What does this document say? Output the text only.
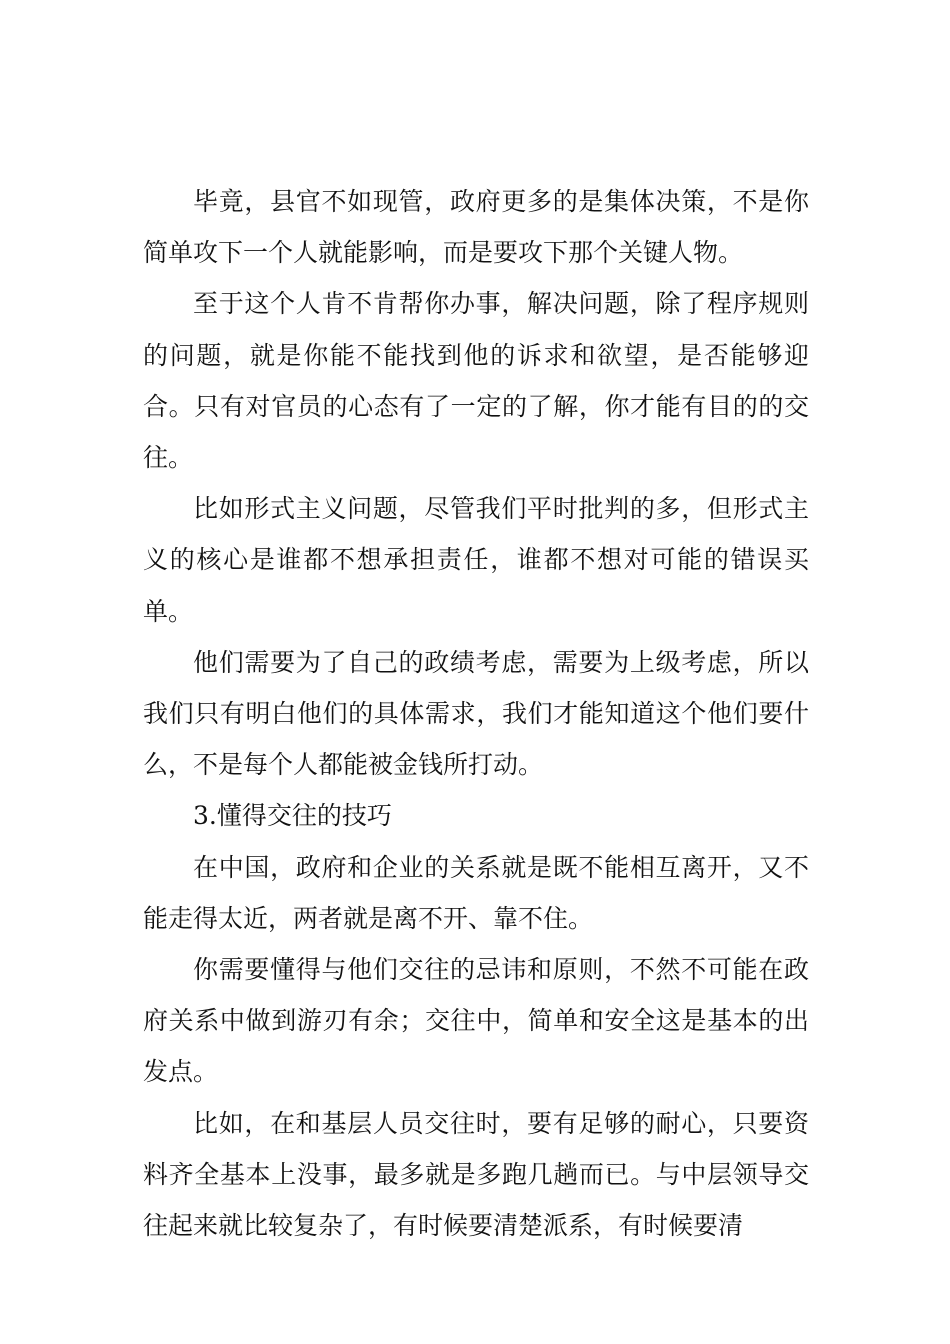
毕竟，县官不如现管，政府更多的是集体决策，不是你简单攻下一个人就能影响，而是要攻下那个关键人物。

至于这个人肯不肯帮你办事，解决问题，除了程序规则的问题，就是你能不能找到他的诉求和欲望，是否能够迎合。只有对官员的心态有了一定的了解，你才能有目的的交往。

比如形式主义问题，尽管我们平时批判的多，但形式主义的核心是谁都不想承担责任，谁都不想对可能的错误买单。

他们需要为了自己的政绩考虑，需要为上级考虑，所以我们只有明白他们的具体需求，我们才能知道这个他们要什么，不是每个人都能被金钱所打动。

3.懂得交往的技巧

在中国，政府和企业的关系就是既不能相互离开，又不能走得太近，两者就是离不开、靠不住。

你需要懂得与他们交往的忌讳和原则，不然不可能在政府关系中做到游刃有余；交往中，简单和安全这是基本的出发点。

比如，在和基层人员交往时，要有足够的耐心，只要资料齐全基本上没事，最多就是多跑几趟而已。与中层领导交往起来就比较复杂了，有时候要清楚派系，有时候要清
